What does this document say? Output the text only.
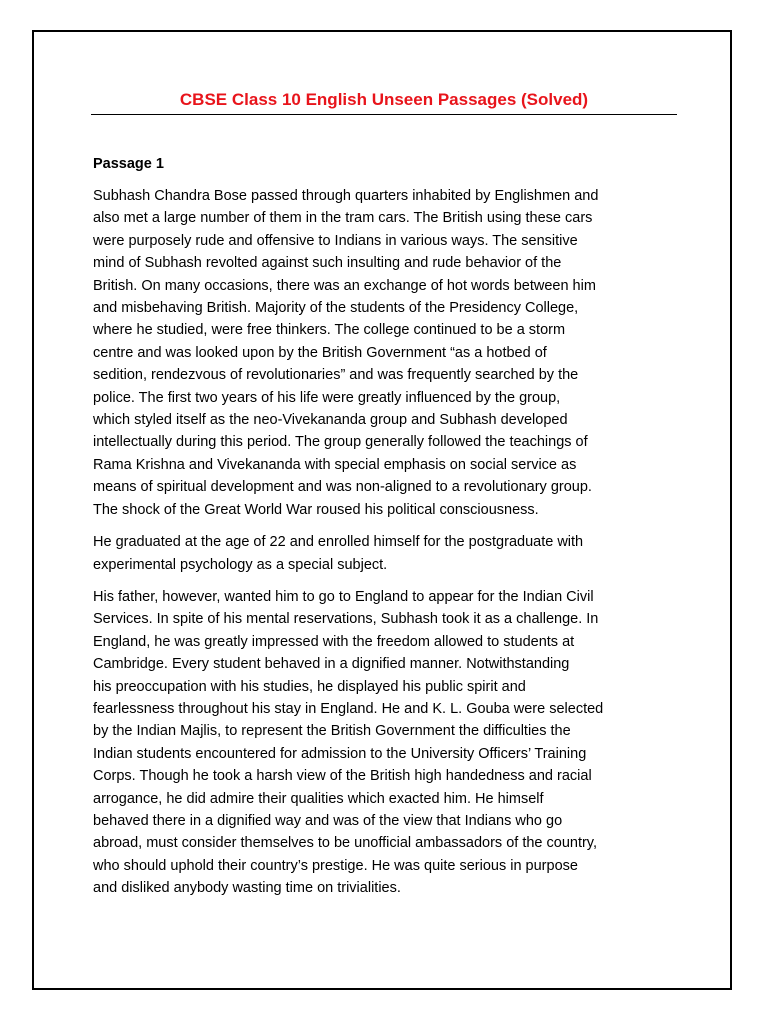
CBSE Class 10 English Unseen Passages (Solved)
Passage 1

Subhash Chandra Bose passed through quarters inhabited by Englishmen and
also met a large number of them in the tram cars. The British using these cars
were purposely rude and offensive to Indians in various ways. The sensitive
mind of Subhash revolted against such insulting and rude behavior of the
British. On many occasions, there was an exchange of hot words between him
and misbehaving British. Majority of the students of the Presidency College,
where he studied, were free thinkers. The college continued to be a storm
centre and was looked upon by the British Government “as a hotbed of
sedition, rendezvous of revolutionaries” and was frequently searched by the
police. The first two years of his life were greatly influenced by the group,
which styled itself as the neo-Vivekananda group and Subhash developed
intellectually during this period. The group generally followed the teachings of
Rama Krishna and Vivekananda with special emphasis on social service as
means of spiritual development and was non-aligned to a revolutionary group.
The shock of the Great World War roused his political consciousness.

He graduated at the age of 22 and enrolled himself for the postgraduate with
experimental psychology as a special subject.

His father, however, wanted him to go to England to appear for the Indian Civil
Services. In spite of his mental reservations, Subhash took it as a challenge. In
England, he was greatly impressed with the freedom allowed to students at
Cambridge. Every student behaved in a dignified manner. Notwithstanding
his preoccupation with his studies, he displayed his public spirit and
fearlessness throughout his stay in England. He and K. L. Gouba were selected
by the Indian Majlis, to represent the British Government the difficulties the
Indian students encountered for admission to the University Officers’ Training
Corps. Though he took a harsh view of the British high handedness and racial
arrogance, he did admire their qualities which exacted him. He himself
behaved there in a dignified way and was of the view that Indians who go
abroad, must consider themselves to be unofficial ambassadors of the country,
who should uphold their country’s prestige. He was quite serious in purpose
and disliked anybody wasting time on trivialities.
